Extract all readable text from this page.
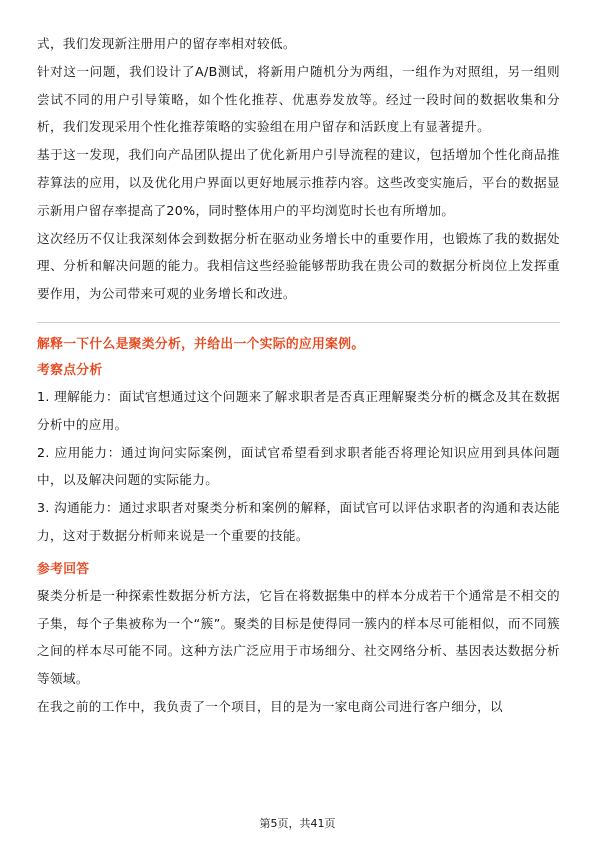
式，我们发现新注册用户的留存率相对较低。

针对这一问题，我们设计了A/B测试，将新用户随机分为两组，一组作为对照组，另一组则尝试不同的用户引导策略，如个性化推荐、优惠券发放等。经过一段时间的数据收集和分析，我们发现采用个性化推荐策略的实验组在用户留存和活跃度上有显著提升。

基于这一发现，我们向产品团队提出了优化新用户引导流程的建议，包括增加个性化商品推荐算法的应用，以及优化用户界面以更好地展示推荐内容。这些改变实施后，平台的数据显示新用户留存率提高了20%，同时整体用户的平均浏览时长也有所增加。

这次经历不仅让我深刻体会到数据分析在驱动业务增长中的重要作用，也锻炼了我的数据处理、分析和解决问题的能力。我相信这些经验能够帮助我在贵公司的数据分析岗位上发挥重要作用，为公司带来可观的业务增长和改进。

解释一下什么是聚类分析，并给出一个实际的应用案例。
考察点分析

1. 理解能力：面试官想通过这个问题来了解求职者是否真正理解聚类分析的概念及其在数据分析中的应用。

2. 应用能力：通过询问实际案例，面试官希望看到求职者能否将理论知识应用到具体问题中，以及解决问题的实际能力。

3. 沟通能力：通过求职者对聚类分析和案例的解释，面试官可以评估求职者的沟通和表达能力，这对于数据分析师来说是一个重要的技能。

参考回答

聚类分析是一种探索性数据分析方法，它旨在将数据集中的样本分成若干个通常是不相交的子集，每个子集被称为一个“簇”。聚类的目标是使得同一簇内的样本尽可能相似，而不同簇之间的样本尽可能不同。这种方法广泛应用于市场细分、社交网络分析、基因表达数据分析等领域。

在我之前的工作中，我负责了一个项目，目的是为一家电商公司进行客户细分，以

第5页，共41页
